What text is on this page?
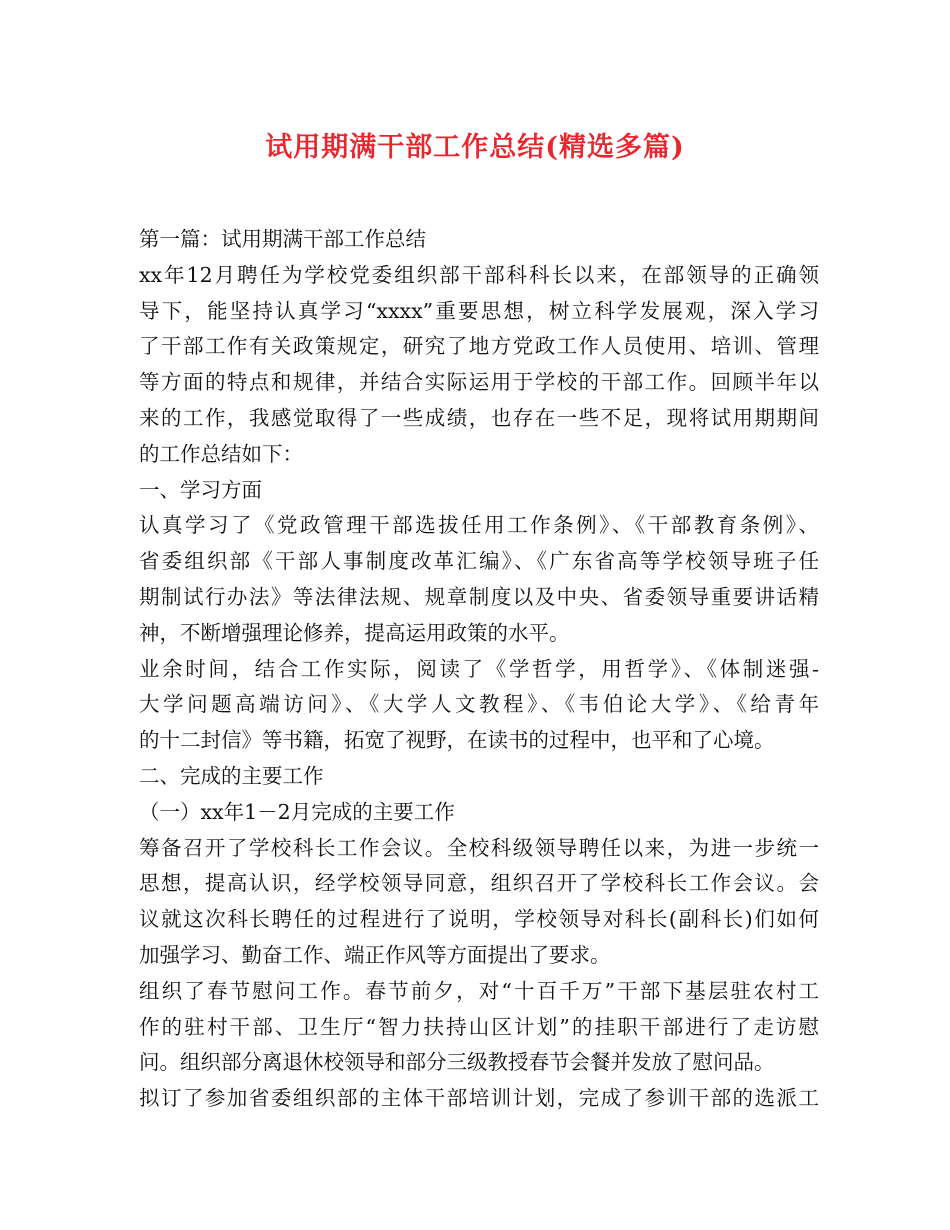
试用期满干部工作总结(精选多篇)
第一篇：试用期满干部工作总结
xx年12月聘任为学校党委组织部干部科科长以来，在部领导的正确领
导下，能坚持认真学习“xxxx”重要思想，树立科学发展观，深入学习
了干部工作有关政策规定，研究了地方党政工作人员使用、培训、管理
等方面的特点和规律，并结合实际运用于学校的干部工作。回顾半年以
来的工作，我感觉取得了一些成绩，也存在一些不足，现将试用期期间
的工作总结如下：
一、学习方面
认真学习了《党政管理干部选拔任用工作条例》、《干部教育条例》、
省委组织部《干部人事制度改革汇编》、《广东省高等学校领导班子任
期制试行办法》等法律法规、规章制度以及中央、省委领导重要讲话精
神，不断增强理论修养，提高运用政策的水平。
业余时间，结合工作实际，阅读了《学哲学，用哲学》、《体制迷强-
大学问题高端访问》、《大学人文教程》、《韦伯论大学》、《给青年
的十二封信》等书籍，拓宽了视野，在读书的过程中，也平和了心境。
二、完成的主要工作
（一）xx年1－2月完成的主要工作
筹备召开了学校科长工作会议。全校科级领导聘任以来，为进一步统一
思想，提高认识，经学校领导同意，组织召开了学校科长工作会议。会
议就这次科长聘任的过程进行了说明，学校领导对科长(副科长)们如何
加强学习、勤奋工作、端正作风等方面提出了要求。
组织了春节慰问工作。春节前夕，对“十百千万”干部下基层驻农村工
作的驻村干部、卫生厅“智力扶持山区计划”的挂职干部进行了走访慰
问。组织部分离退休校领导和部分三级教授春节会餐并发放了慰问品。
拟订了参加省委组织部的主体干部培训计划，完成了参训干部的选派工
